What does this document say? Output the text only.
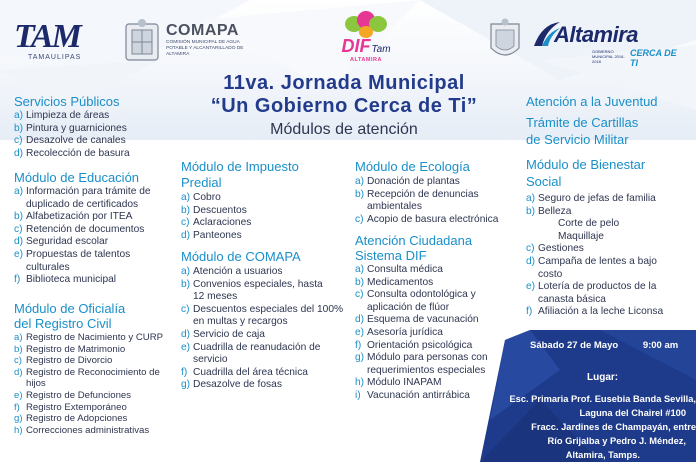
TAM
TAMAULIPAS
COMAPA
COMISIÓN MUNICIPAL DE AGUA POTABLE Y ALCANTARILLADO DE ALTAMIRA	DIF Tam
ALTAMIRA
Altamira
GOBIERNO MUNICIPAL 2016-2018
CERCA DE TI
11va. Jornada Municipal
“Un Gobierno Cerca de Ti”
Módulos de atención
Servicios Públicos
a) Limpieza de áreas
b) Pintura y guarniciones
c) Desazolve de canales
d) Recolección de basura
Módulo de Educación
a) Información para trámite de duplicado de certificados
b) Alfabetización por ITEA
c) Retención de documentos
d) Seguridad escolar
e) Propuestas de talentos culturales
f) Biblioteca municipal
Módulo de Oficialía
del Registro Civil
a) Registro de Nacimiento y CURP
b) Registro de Matrimonio
c) Registro de Divorcio
d) Registro de Reconocimiento de hijos
e) Registro de Defunciones
f) Registro Extemporáneo
g) Registro de Adopciones
h) Correcciones administrativas
Módulo de Impuesto
Predial
a) Cobro
b) Descuentos
c) Aclaraciones
d) Panteones
Módulo de COMAPA
a) Atención a usuarios
b) Convenios especiales, hasta 12 meses
c) Descuentos especiales del 100% en multas y recargos
d) Servicio de caja
e) Cuadrilla de reanudación de servicio
f) Cuadrilla del área técnica
g) Desazolve de fosas
Módulo de Ecología
a) Donación de plantas
b) Recepción de denuncias ambientales
c) Acopio de basura electrónica
Atención Ciudadana
Sistema DIF
a) Consulta médica
b) Medicamentos
c) Consulta odontológica y aplicación de flúor
d) Esquema de vacunación
e) Asesoría jurídica
f) Orientación psicológica
g) Módulo para personas con requerimientos especiales
h) Módulo INAPAM
i) Vacunación antirrábica
Atención a la Juventud
Trámite de Cartillas
de Servicio Militar
Módulo de Bienestar
Social
a) Seguro de jefas de familia
b) Belleza
Corte de pelo
Maquillaje
c) Gestiones
d) Campaña de lentes a bajo costo
e) Lotería de productos de la canasta básica
f) Afiliación a la leche Liconsa
Sábado 27 de Mayo	9:00 am
Lugar:
Esc. Primaria Prof. Eusebia Banda Sevilla,
Laguna del Chairel #100
Fracc. Jardines de Champayán, entre
Río Grijalba y Pedro J. Méndez,
Altamira, Tamps.
